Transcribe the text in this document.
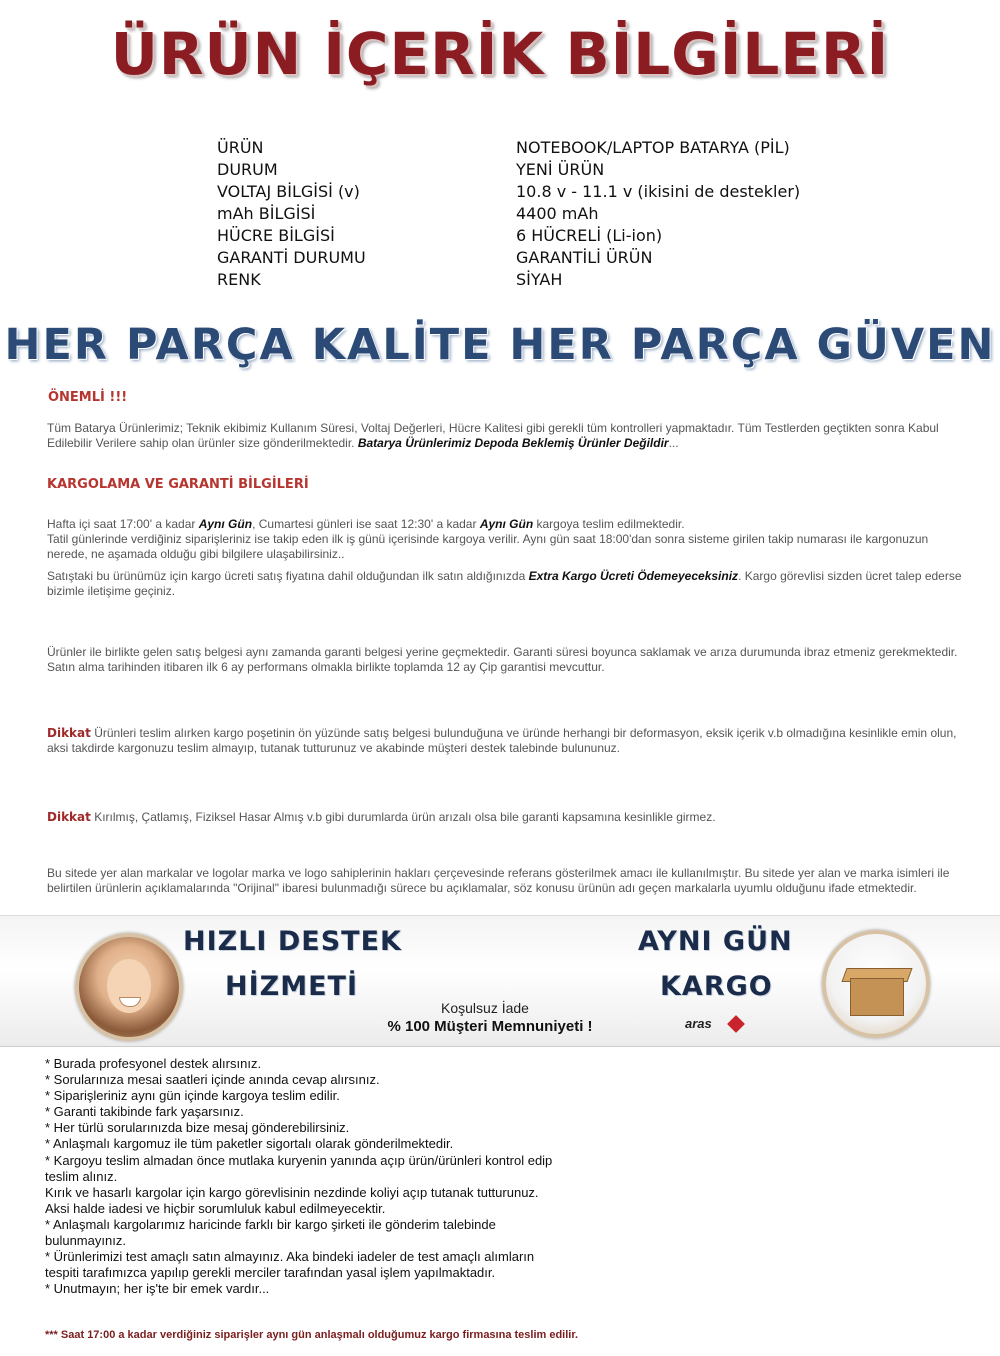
ÜRÜN İÇERİK BİLGİLERİ
ÜRÜN	NOTEBOOK/LAPTOP BATARYA (PİL)
DURUM	YENİ ÜRÜN
VOLTAJ BİLGİSİ (v)	10.8 v - 11.1 v (ikisini de destekler)
mAh BİLGİSİ	4400 mAh
HÜCRE BİLGİSİ	6 HÜCRELİ (Li-ion)
GARANTİ DURUMU	GARANTİLİ ÜRÜN
RENK	SİYAH
HER PARÇA KALİTE HER PARÇA GÜVEN
ÖNEMLİ !!!
Tüm Batarya Ürünlerimiz; Teknik ekibimiz Kullanım Süresi, Voltaj Değerleri, Hücre Kalitesi gibi gerekli tüm kontrolleri yapmaktadır. Tüm Testlerden geçtikten sonra Kabul Edilebilir Verilere sahip olan ürünler size gönderilmektedir. Batarya Ürünlerimiz Depoda Beklemiş Ürünler Değildir...
KARGOLAMA VE GARANTİ BİLGİLERİ
Hafta içi saat 17:00' a kadar Aynı Gün, Cumartesi günleri ise saat 12:30' a kadar Aynı Gün kargoya teslim edilmektedir.
Tatil günlerinde verdiğiniz siparişleriniz ise takip eden ilk iş günü içerisinde kargoya verilir. Aynı gün saat 18:00'dan sonra sisteme girilen takip numarası ile kargonuzun nerede, ne aşamada olduğu gibi bilgilere ulaşabilirsiniz..
Satıştaki bu ürünümüz için kargo ücreti satış fiyatına dahil olduğundan ilk satın aldığınızda Extra Kargo Ücreti Ödemeyeceksiniz. Kargo görevlisi sizden ücret talep ederse bizimle iletişime geçiniz.
Ürünler ile birlikte gelen satış belgesi aynı zamanda garanti belgesi yerine geçmektedir. Garanti süresi boyunca saklamak ve arıza durumunda ibraz etmeniz gerekmektedir. Satın alma tarihinden itibaren ilk 6 ay performans olmakla birlikte toplamda 12 ay Çip garantisi mevcuttur.
Dikkat Ürünleri teslim alırken kargo poşetinin ön yüzünde satış belgesi bulunduğuna ve üründe herhangi bir deformasyon, eksik içerik v.b olmadığına kesinlikle emin olun, aksi takdirde kargonuzu teslim almayıp, tutanak tutturunuz ve akabinde müşteri destek talebinde bulununuz.
Dikkat Kırılmış, Çatlamış, Fiziksel Hasar Almış v.b gibi durumlarda ürün arızalı olsa bile garanti kapsamına kesinlikle girmez.
Bu sitede yer alan markalar ve logolar marka ve logo sahiplerinin hakları çerçevesinde referans gösterilmek amacı ile kullanılmıştır. Bu sitede yer alan ve marka isimleri ile belirtilen ürünlerin açıklamalarında "Orijinal" ibaresi bulunmadığı sürece bu açıklamalar, söz konusu ürünün adı geçen markalarla uyumlu olduğunu ifade etmektedir.
HIZLI DESTEK
HİZMETİ
Koşulsuz İade
% 100 Müşteri Memnuniyeti !
AYNI GÜN
KARGO
aras
* Burada profesyonel destek alırsınız.
* Sorularınıza mesai saatleri içinde anında cevap alırsınız.
* Siparişleriniz aynı gün içinde kargoya teslim edilir.
* Garanti takibinde fark yaşarsınız.
* Her türlü sorularınızda bize mesaj gönderebilirsiniz.
* Anlaşmalı kargomuz ile tüm paketler sigortalı olarak gönderilmektedir.
* Kargoyu teslim almadan önce mutlaka kuryenin yanında açıp ürün/ürünleri kontrol edip teslim alınız.
Kırık ve hasarlı kargolar için kargo görevlisinin nezdinde koliyi açıp tutanak tutturunuz. Aksi halde iadesi ve hiçbir sorumluluk kabul edilmeyecektir.
* Anlaşmalı kargolarımız haricinde farklı bir kargo şirketi ile gönderim talebinde bulunmayınız.
* Ürünlerimizi test amaçlı satın almayınız. Aka bindeki iadeler de test amaçlı alımların tespiti tarafımızca yapılıp gerekli merciler tarafından yasal işlem yapılmaktadır.
* Unutmayın; her iş'te bir emek vardır...
*** Saat 17:00 a kadar verdiğiniz siparişler aynı gün anlaşmalı olduğumuz kargo firmasına teslim edilir.
